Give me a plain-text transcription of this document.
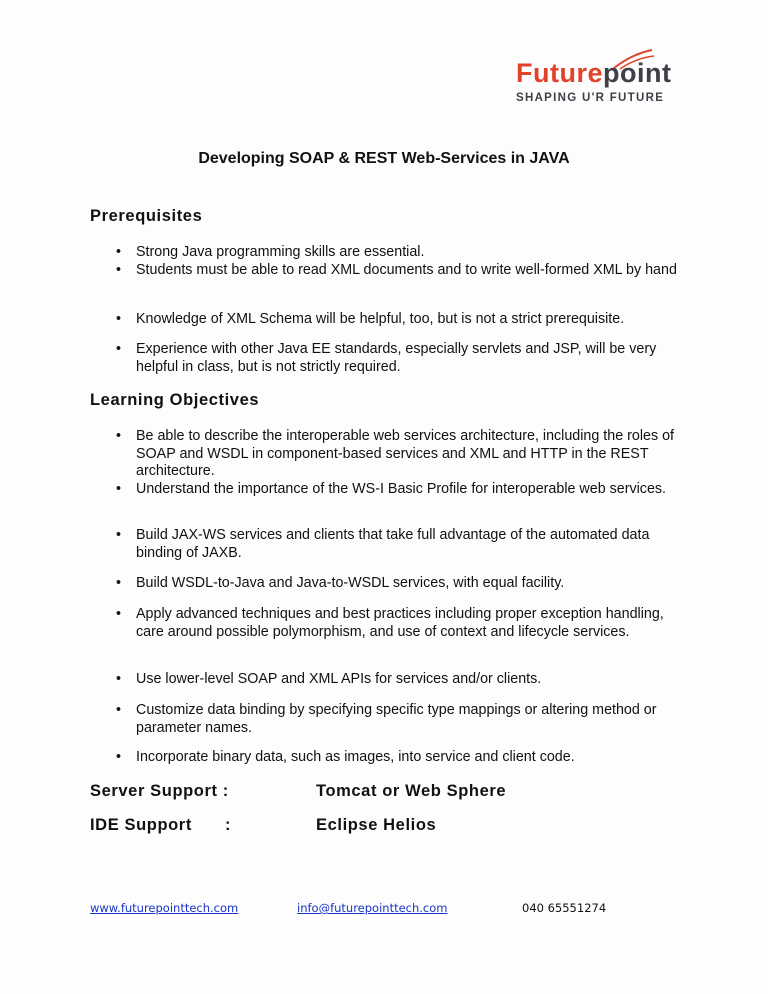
Futurepoint
SHAPING U'R FUTURE
Developing SOAP & REST Web-Services in JAVA
Prerequisites
• Strong Java programming skills are essential.
• Students must be able to read XML documents and to write well-formed XML by hand
• Knowledge of XML Schema will be helpful, too, but is not a strict prerequisite.
• Experience with other Java EE standards, especially servlets and JSP, will be very helpful in class, but is not strictly required.
Learning Objectives
• Be able to describe the interoperable web services architecture, including the roles of SOAP and WSDL in component-based services and XML and HTTP in the REST architecture.
• Understand the importance of the WS-I Basic Profile for interoperable web services.
• Build JAX-WS services and clients that take full advantage of the automated data binding of JAXB.
• Build WSDL-to-Java and Java-to-WSDL services, with equal facility.
• Apply advanced techniques and best practices including proper exception handling, care around possible polymorphism, and use of context and lifecycle services.
• Use lower-level SOAP and XML APIs for services and/or clients.
• Customize data binding by specifying specific type mappings or altering method or parameter names.
• Incorporate binary data, such as images, into service and client code.
Server Support :	Tomcat or Web Sphere
IDE Support :	Eclipse Helios
www.futurepointtech.com	info@futurepointtech.com	040 65551274
